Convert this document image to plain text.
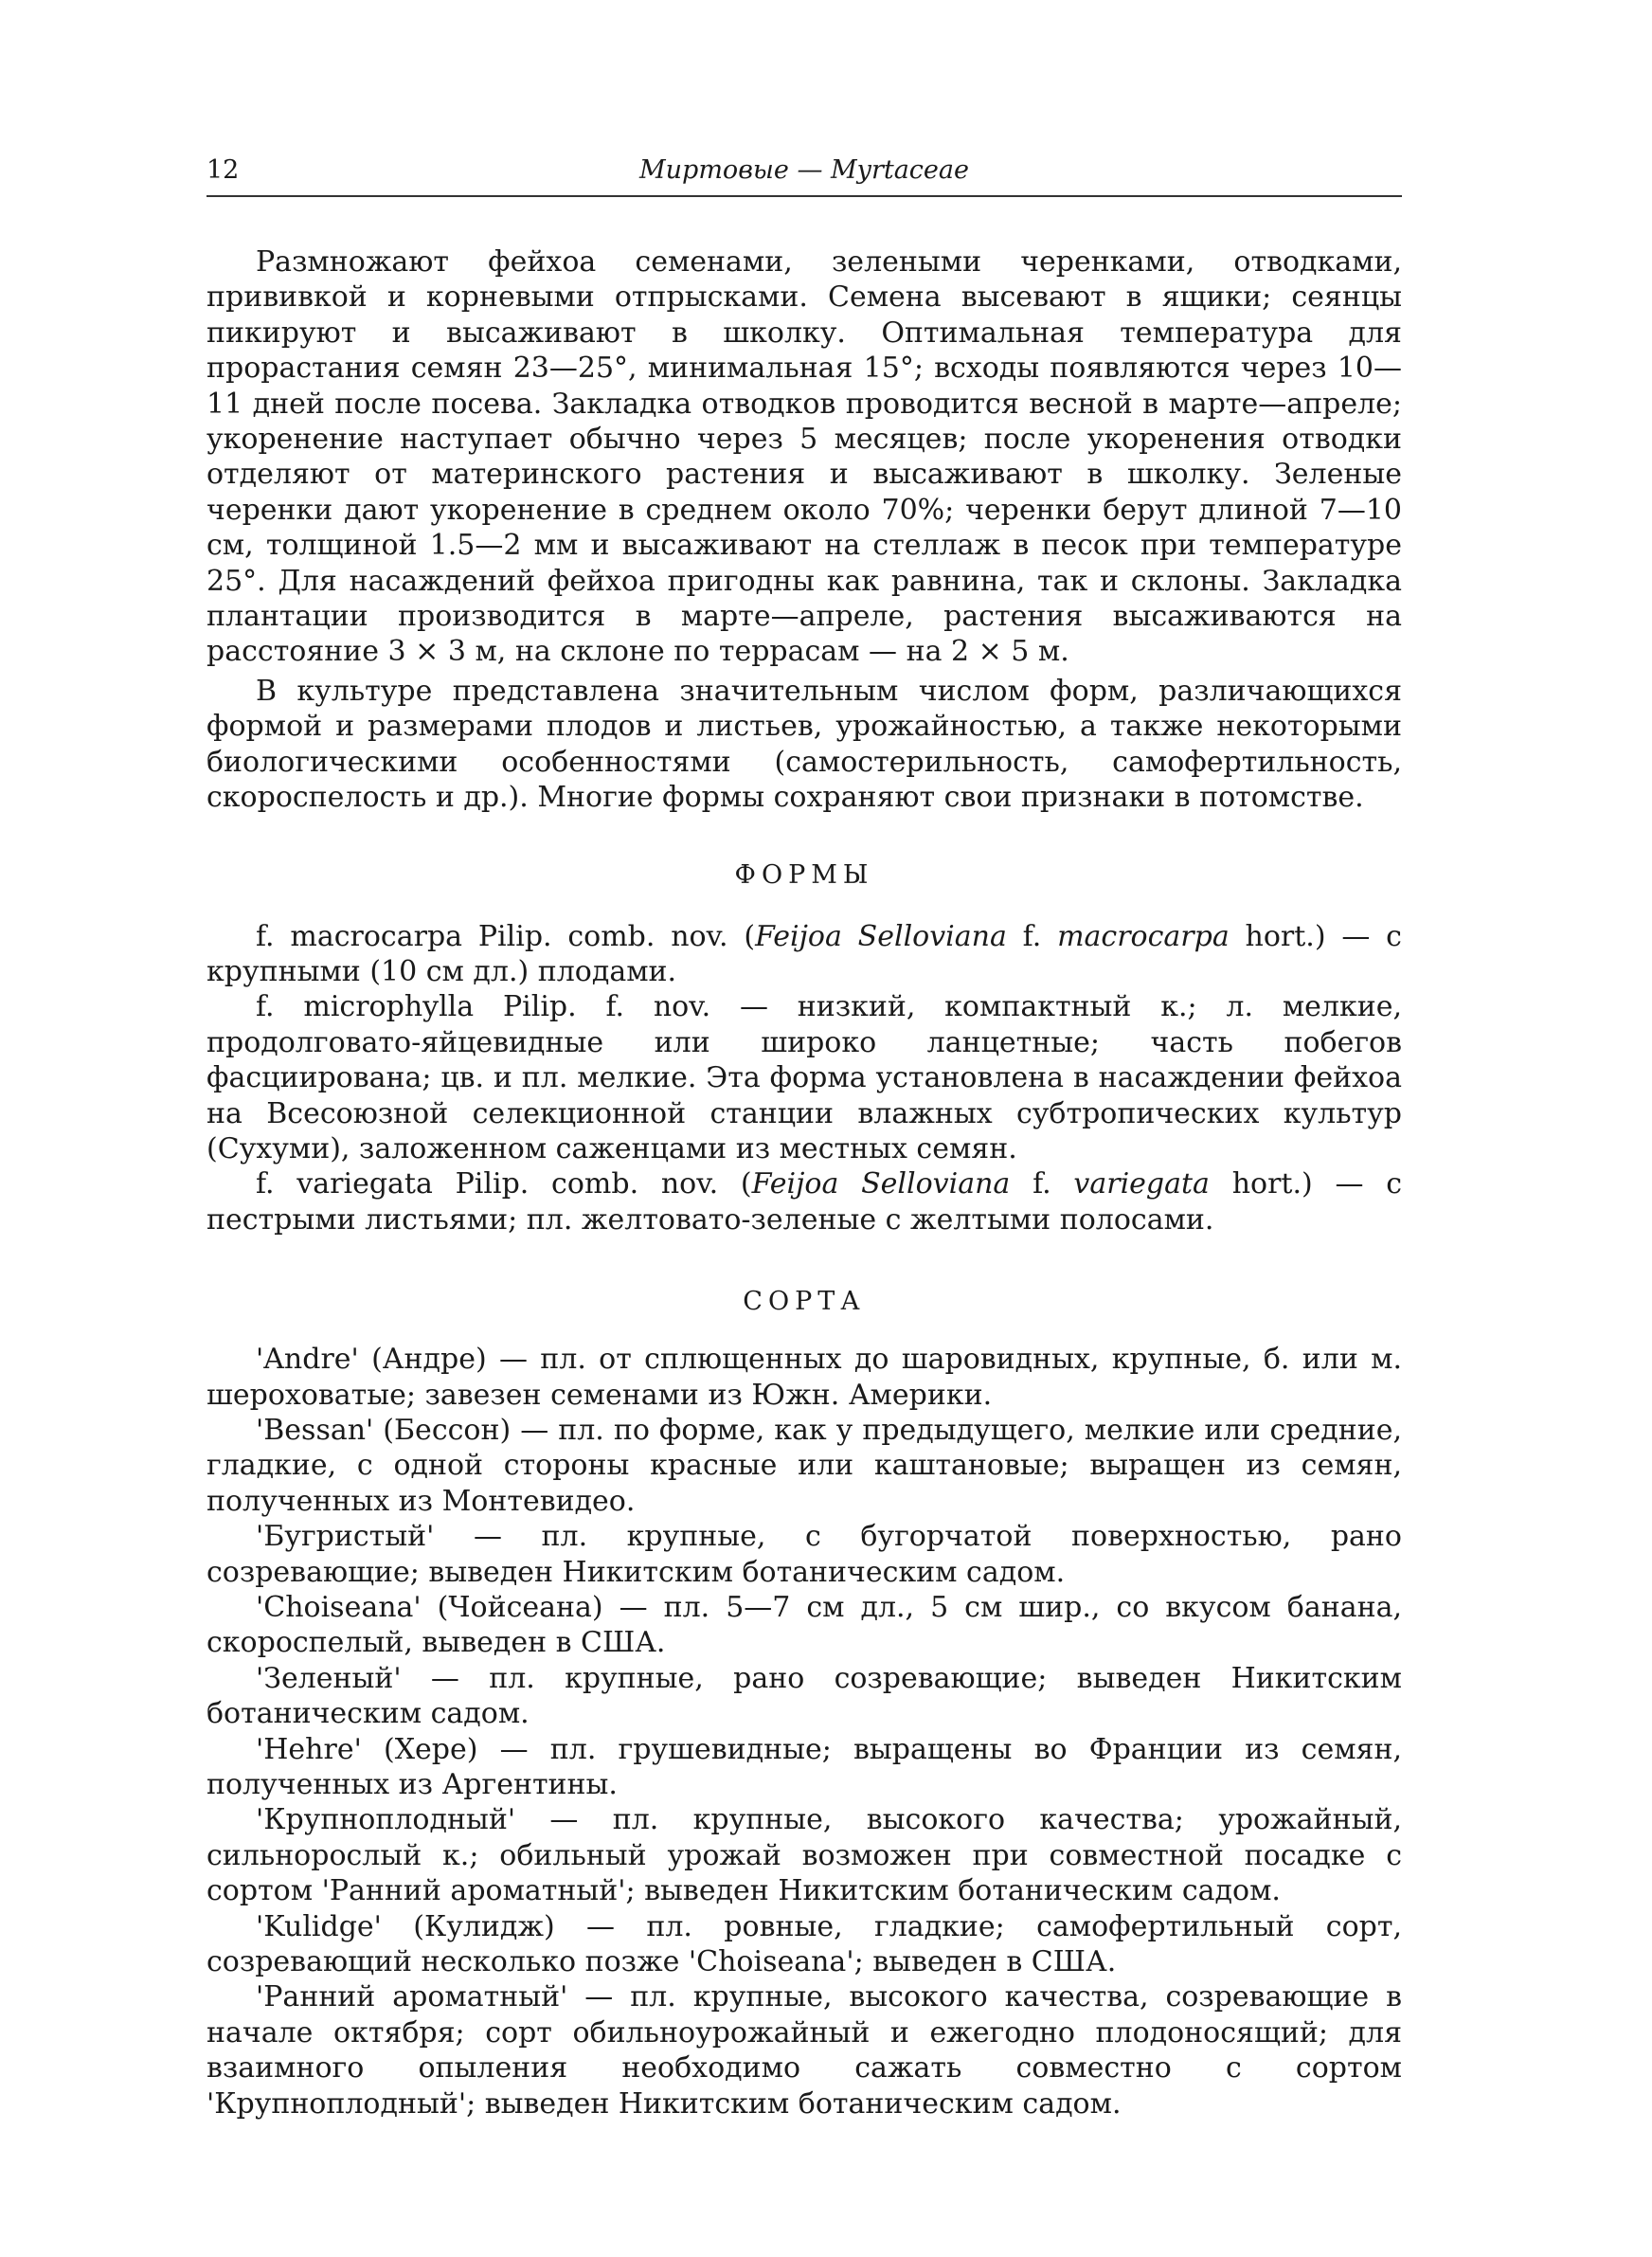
12	Миртовые — Myrtaceae

Размножают фейхоа семенами, зелеными черенками, отводками, прививкой и корневыми отпрысками. Семена высевают в ящики; сеянцы пикируют и высаживают в школку. Оптимальная температура для прорастания семян 23—25°, минимальная 15°; всходы появляются через 10—11 дней после посева. Закладка отводков проводится весной в марте—апреле; укоренение наступает обычно через 5 месяцев; после укоренения отводки отделяют от материнского растения и высаживают в школку. Зеленые черенки дают укоренение в среднем около 70%; черенки берут длиной 7—10 см, толщиной 1.5—2 мм и высаживают на стеллаж в песок при температуре 25°. Для насаждений фейхоа пригодны как равнина, так и склоны. Закладка плантации производится в марте—апреле, растения высаживаются на расстояние 3 × 3 м, на склоне по террасам — на 2 × 5 м.

В культуре представлена значительным числом форм, различающихся формой и размерами плодов и листьев, урожайностью, а также некоторыми биологическими особенностями (самостерильность, самофертильность, скороспелость и др.). Многие формы сохраняют свои признаки в потомстве.

ФОРМЫ

f. macrocarpa Pilip. comb. nov. (Feijoa Selloviana f. macrocarpa hort.) — с крупными (10 см дл.) плодами.

f. microphylla Pilip. f. nov. — низкий, компактный к.; л. мелкие, продолговато-яйцевидные или широко ланцетные; часть побегов фасциирована; цв. и пл. мелкие. Эта форма установлена в насаждении фейхоа на Всесоюзной селекционной станции влажных субтропических культур (Сухуми), заложенном саженцами из местных семян.

f. variegata Pilip. comb. nov. (Feijoa Selloviana f. variegata hort.) — с пестрыми листьями; пл. желтовато-зеленые с желтыми полосами.

СОРТА

'Andre' (Андре) — пл. от сплющенных до шаровидных, крупные, б. или м. шероховатые; завезен семенами из Южн. Америки.

'Bessan' (Бессон) — пл. по форме, как у предыдущего, мелкие или средние, гладкие, с одной стороны красные или каштановые; выращен из семян, полученных из Монтевидео.

'Бугристый' — пл. крупные, с бугорчатой поверхностью, рано созревающие; выведен Никитским ботаническим садом.

'Choiseana' (Чойсеана) — пл. 5—7 см дл., 5 см шир., со вкусом банана, скороспелый, выведен в США.

'Зеленый' — пл. крупные, рано созревающие; выведен Никитским ботаническим садом.

'Hehre' (Хере) — пл. грушевидные; выращены во Франции из семян, полученных из Аргентины.

'Крупноплодный' — пл. крупные, высокого качества; урожайный, сильнорослый к.; обильный урожай возможен при совместной посадке с сортом 'Ранний ароматный'; выведен Никитским ботаническим садом.

'Kulidge' (Кулидж) — пл. ровные, гладкие; самофертильный сорт, созревающий несколько позже 'Choiseana'; выведен в США.

'Ранний ароматный' — пл. крупные, высокого качества, созревающие в начале октября; сорт обильноурожайный и ежегодно плодоносящий; для взаимного опыления необходимо сажать совместно с сортом 'Крупноплодный'; выведен Никитским ботаническим садом.
